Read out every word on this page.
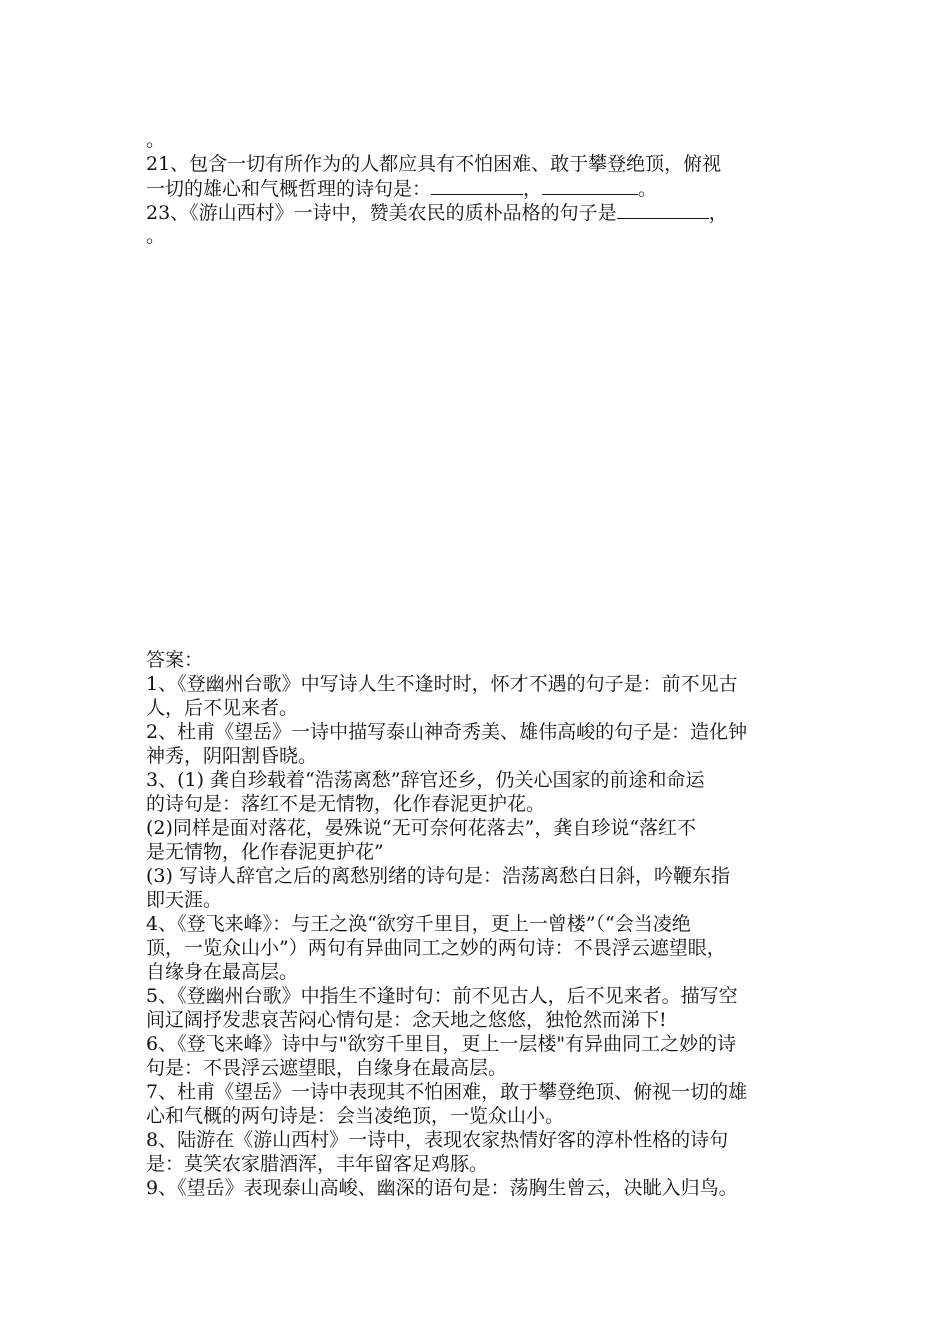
。
21、包含一切有所作为的人都应具有不怕困难、敢于攀登绝顶，俯视
一切的雄心和气概哲理的诗句是：	，	。
23、《游山西村》一诗中，赞美农民的质朴品格的句子是	，
。
答案：
1、《登幽州台歌》中写诗人生不逢时时，怀才不遇的句子是：前不见古
人，后不见来者。
2、杜甫《望岳》一诗中描写泰山神奇秀美、雄伟高峻的句子是：造化钟
神秀，阴阳割昏晓。
3、(1) 龚自珍载着“浩荡离愁”辞官还乡，仍关心国家的前途和命运
的诗句是：落红不是无情物，化作春泥更护花。
(2)同样是面对落花，晏殊说“无可奈何花落去”，龚自珍说“落红不
是无情物，化作春泥更护花”
(3) 写诗人辞官之后的离愁别绪的诗句是：浩荡离愁白日斜，吟鞭东指
即天涯。
4、《登飞来峰》：与王之涣“欲穷千里目，更上一曾楼”（“会当凌绝
顶，一览众山小”）两句有异曲同工之妙的两句诗：不畏浮云遮望眼，
自缘身在最高层。
5、《登幽州台歌》中指生不逢时句：前不见古人，后不见来者。描写空
间辽阔抒发悲哀苦闷心情句是：念天地之悠悠，独怆然而涕下!
6、《登飞来峰》诗中与"欲穷千里目，更上一层楼"有异曲同工之妙的诗
句是：不畏浮云遮望眼，自缘身在最高层。
7、杜甫《望岳》一诗中表现其不怕困难，敢于攀登绝顶、俯视一切的雄
心和气概的两句诗是：会当凌绝顶，一览众山小。
8、陆游在《游山西村》一诗中，表现农家热情好客的淳朴性格的诗句
是：莫笑农家腊酒浑，丰年留客足鸡豚。
9、《望岳》表现泰山高峻、幽深的语句是：荡胸生曾云，决眦入归鸟。
